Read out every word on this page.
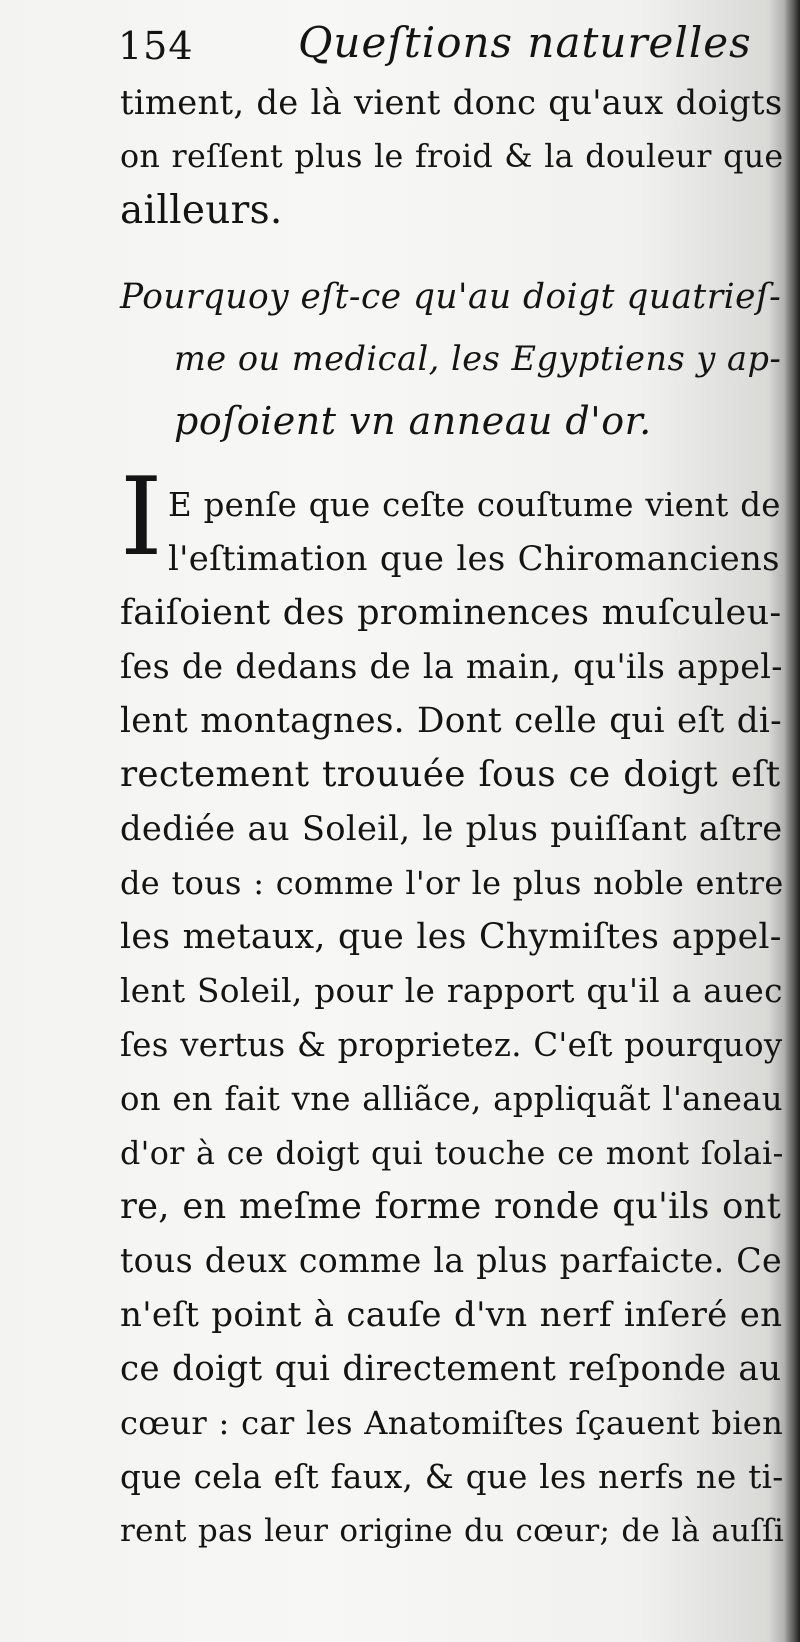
154 Queſtions naturelles
timent, de là vient donc qu'aux doigts
on reſſent plus le froid & la douleur que
ailleurs.
Pourquoy eſt-ce qu'au doigt quatrieſ-
me ou medical, les Egyptiens y ap-
poſoient vn anneau d'or.
I E penſe que ceſte couſtume vient de
l'eſtimation que les Chiromanciens
faiſoient des prominences muſculeu-
ſes de dedans de la main, qu'ils appel-
lent montagnes. Dont celle qui eſt di-
rectement trouuée ſous ce doigt eſt
dediée au Soleil, le plus puiſſant aſtre
de tous : comme l'or le plus noble entre
les metaux, que les Chymiſtes appel-
lent Soleil, pour le rapport qu'il a auec
ſes vertus & proprietez. C'eſt pourquoy
on en fait vne alliãce, appliquãt l'aneau
d'or à ce doigt qui touche ce mont ſolai-
re, en meſme forme ronde qu'ils ont
tous deux comme la plus parfaicte. Ce
n'eſt point à cauſe d'vn nerf inſeré en
ce doigt qui directement reſponde au
cœur : car les Anatomiſtes ſçauent bien
que cela eſt faux, & que les nerfs ne ti-
rent pas leur origine du cœur; de là auſſi
